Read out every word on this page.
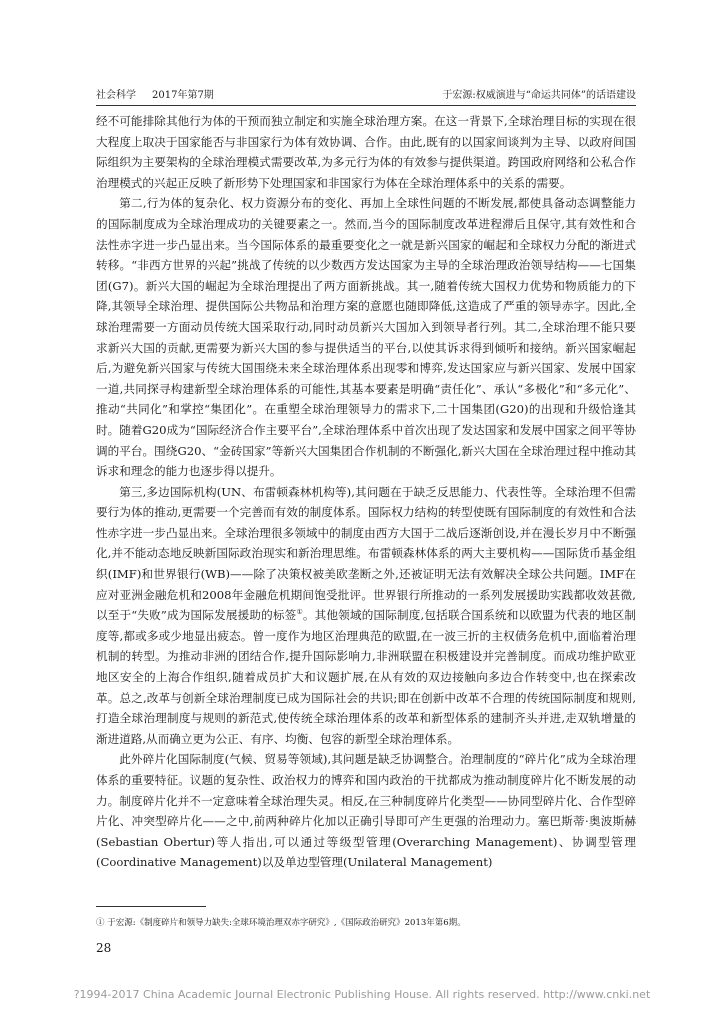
社会科学 2017年第7期	于宏源:权威演进与“命运共同体”的话语建设

经不可能排除其他行为体的干预而独立制定和实施全球治理方案。在这一背景下,全球治理目标的实现在很大程度上取决于国家能否与非国家行为体有效协调、合作。由此,既有的以国家间谈判为主导、以政府间国际组织为主要架构的全球治理模式需要改革,为多元行为体的有效参与提供渠道。跨国政府网络和公私合作治理模式的兴起正反映了新形势下处理国家和非国家行为体在全球治理体系中的关系的需要。

第二,行为体的复杂化、权力资源分布的变化、再加上全球性问题的不断发展,都使具备动态调整能力的国际制度成为全球治理成功的关键要素之一。然而,当今的国际制度改革进程滞后且保守,其有效性和合法性赤字进一步凸显出来。当今国际体系的最重要变化之一就是新兴国家的崛起和全球权力分配的渐进式转移。“非西方世界的兴起”挑战了传统的以少数西方发达国家为主导的全球治理政治领导结构——七国集团(G7)。新兴大国的崛起为全球治理提出了两方面新挑战。其一,随着传统大国权力优势和物质能力的下降,其领导全球治理、提供国际公共物品和治理方案的意愿也随即降低,这造成了严重的领导赤字。因此,全球治理需要一方面动员传统大国采取行动,同时动员新兴大国加入到领导者行列。其二,全球治理不能只要求新兴大国的贡献,更需要为新兴大国的参与提供适当的平台,以使其诉求得到倾听和接纳。新兴国家崛起后,为避免新兴国家与传统大国围绕未来全球治理体系出现零和博弈,发达国家应与新兴国家、发展中国家一道,共同探寻构建新型全球治理体系的可能性,其基本要素是明确“责任化”、承认“多极化”和“多元化”、推动“共同化”和掌控“集团化”。在重塑全球治理领导力的需求下,二十国集团(G20)的出现和升级恰逢其时。随着G20成为“国际经济合作主要平台”,全球治理体系中首次出现了发达国家和发展中国家之间平等协调的平台。围绕G20、“金砖国家”等新兴大国集团合作机制的不断强化,新兴大国在全球治理过程中推动其诉求和理念的能力也逐步得以提升。

第三,多边国际机构(UN、布雷顿森林机构等),其问题在于缺乏反思能力、代表性等。全球治理不但需要行为体的推动,更需要一个完善而有效的制度体系。国际权力结构的转型使既有国际制度的有效性和合法性赤字进一步凸显出来。全球治理很多领域中的制度由西方大国于二战后逐渐创设,并在漫长岁月中不断强化,并不能动态地反映新国际政治现实和新治理思维。布雷顿森林体系的两大主要机构——国际货币基金组织(IMF)和世界银行(WB)——除了决策权被美欧垄断之外,还被证明无法有效解决全球公共问题。IMF在应对亚洲金融危机和2008年金融危机期间饱受批评。世界银行所推动的一系列发展援助实践都收效甚微,以至于“失败”成为国际发展援助的标签①。其他领域的国际制度,包括联合国系统和以欧盟为代表的地区制度等,都或多或少地显出疲态。曾一度作为地区治理典范的欧盟,在一波三折的主权债务危机中,面临着治理机制的转型。为推动非洲的团结合作,提升国际影响力,非洲联盟在积极建设并完善制度。而成功维护欧亚地区安全的上海合作组织,随着成员扩大和议题扩展,在从有效的双边接触向多边合作转变中,也在探索改革。总之,改革与创新全球治理制度已成为国际社会的共识;即在创新中改革不合理的传统国际制度和规则,打造全球治理制度与规则的新范式,使传统全球治理体系的改革和新型体系的建制齐头并进,走双轨增量的渐进道路,从而确立更为公正、有序、均衡、包容的新型全球治理体系。

此外碎片化国际制度(气候、贸易等领域),其问题是缺乏协调整合。治理制度的“碎片化”成为全球治理体系的重要特征。议题的复杂性、政治权力的博弈和国内政治的干扰都成为推动制度碎片化不断发展的动力。制度碎片化并不一定意味着全球治理失灵。相反,在三种制度碎片化类型——协同型碎片化、合作型碎片化、冲突型碎片化——之中,前两种碎片化加以正确引导即可产生更强的治理动力。塞巴斯蒂·奥波斯赫(Sebastian Obertur)等人指出,可以通过等级型管理(Overarching Management)、协调型管理(Coordinative Management)以及单边型管理(Unilateral Management)

① 于宏源:《制度碎片和领导力缺失:全球环境治理双赤字研究》,《国际政治研究》2013年第6期。
28
?1994-2017 China Academic Journal Electronic Publishing House. All rights reserved. http://www.cnki.net
